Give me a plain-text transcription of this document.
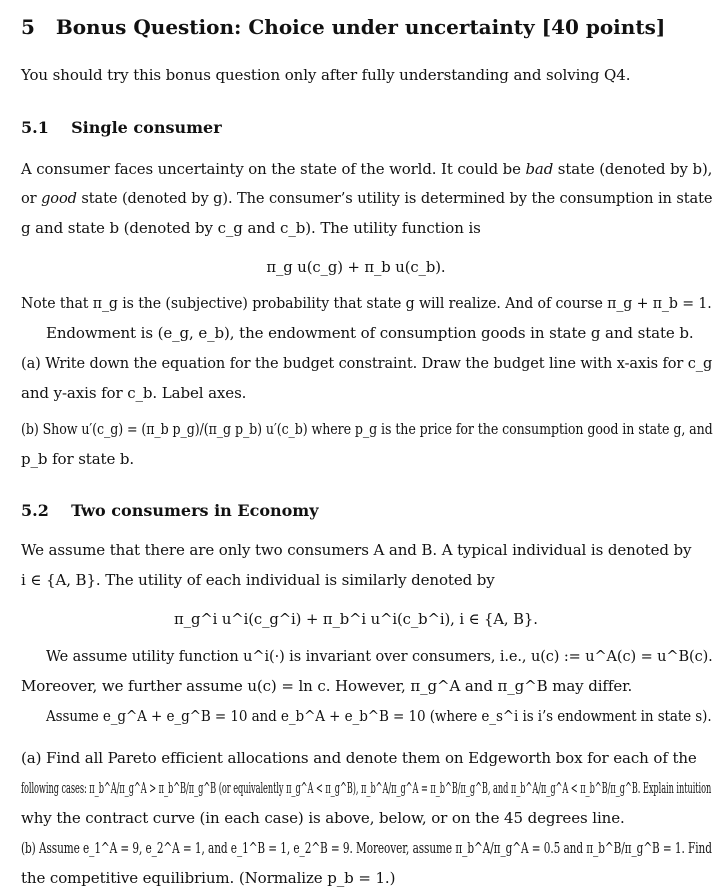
5 Bonus Question: Choice under uncertainty [40 points]
You should try this bonus question only after fully understanding and solving Q4.
5.1 Single consumer
A consumer faces uncertainty on the state of the world. It could be bad state (denoted by b),
or good state (denoted by g). The consumer’s utility is determined by the consumption in state
g and state b (denoted by c_g and c_b). The utility function is
π_g u(c_g) + π_b u(c_b).
Note that π_g is the (subjective) probability that state g will realize. And of course π_g + π_b = 1.
Endowment is (e_g, e_b), the endowment of consumption goods in state g and state b.
(a) Write down the equation for the budget constraint. Draw the budget line with x-axis for c_g
and y-axis for c_b. Label axes.
(b) Show u′(c_g) = (π_b p_g)/(π_g p_b) u′(c_b) where p_g is the price for the consumption good in state g, and
p_b for state b.
5.2 Two consumers in Economy
We assume that there are only two consumers A and B. A typical individual is denoted by
i ∈ {A, B}. The utility of each individual is similarly denoted by
π_g^i u^i(c_g^i) + π_b^i u^i(c_b^i), i ∈ {A, B}.
We assume utility function u^i(·) is invariant over consumers, i.e., u(c) := u^A(c) = u^B(c).
Moreover, we further assume u(c) = ln c. However, π_g^A and π_g^B may differ.
Assume e_g^A + e_g^B = 10 and e_b^A + e_b^B = 10 (where e_s^i is i’s endowment in state s).
(a) Find all Pareto efficient allocations and denote them on Edgeworth box for each of the
following cases: π_b^A/π_g^A > π_b^B/π_g^B (or equivalently π_g^A < π_g^B), π_b^A/π_g^A = π_b^B/π_g^B, and π_b^A/π_g^A < π_b^B/π_g^B. Explain intuition
why the contract curve (in each case) is above, below, or on the 45 degrees line.
(b) Assume e_1^A = 9, e_2^A = 1, and e_1^B = 1, e_2^B = 9. Moreover, assume π_b^A/π_g^A = 0.5 and π_b^B/π_g^B = 1. Find
the competitive equilibrium. (Normalize p_b = 1.)
